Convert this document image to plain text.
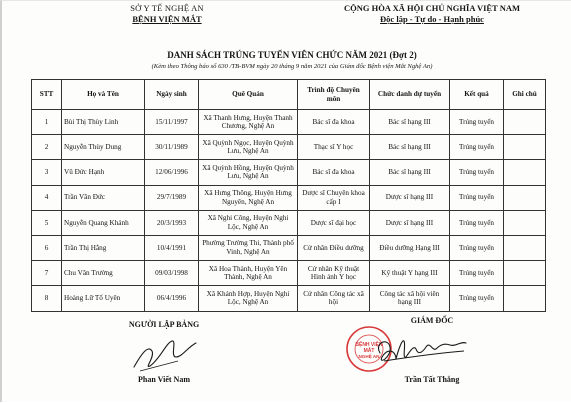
SỞ Y TẾ NGHỆ AN
BỆNH VIỆN MẮT
CỘNG HÒA XÃ HỘI CHỦ NGHĨA VIỆT NAM
Độc lập - Tự do - Hạnh phúc
DANH SÁCH TRÚNG TUYỂN VIÊN CHỨC NĂM 2021 (Đợt 2)
(Kèm theo Thông báo số 630 /TB-BVM ngày 20 tháng 9 năm 2021 của Giám đốc Bệnh viện Mắt Nghệ An)
STT	Họ và Tên	Ngày sinh	Quê Quán	Trình độ Chuyên môn	Chức danh dự tuyển	Kết quả	Ghi chú
1	Bùi Thị Thùy Linh	15/11/1997	Xã Thanh Hưng, Huyện Thanh Chương, Nghệ An	Bác sĩ đa khoa	Bác sĩ hạng III	Trúng tuyển	
2	Nguyễn Thùy Dung	30/11/1989	Xã Quỳnh Ngọc, Huyện Quỳnh Lưu, Nghệ An	Thạc sĩ Y học	Bác sĩ hạng III	Trúng tuyển	
3	Vũ Đức Hạnh	12/06/1996	Xã Quỳnh Hồng, Huyện Quỳnh Lưu, Nghệ An	Bác sĩ đa khoa	Bác sĩ hạng III	Trúng tuyển	
4	Trần Văn Đức	29/7/1989	Xã Hưng Thông, Huyện Hưng Nguyên, Nghệ An	Dược sĩ Chuyên khoa cấp I	Dược sĩ hạng III	Trúng tuyển	
5	Nguyễn Quang Khánh	20/3/1993	Xã Nghi Công, Huyện Nghi Lộc, Nghệ An	Dược sĩ đại học	Dược sĩ hạng III	Trúng tuyển	
6	Trần Thị Hằng	10/4/1991	Phường Trường Thi, Thành phố Vinh, Nghệ An	Cử nhân Điều dưỡng	Điều dưỡng Hạng III	Trúng tuyển	
7	Chu Văn Trường	09/03/1998	Xã Hoa Thành, Huyện Yên Thành, Nghệ An	Cử nhân Kỹ thuật Hình ảnh Y học	Kỹ thuật Y hạng III	Trúng tuyển	
8	Hoàng Lữ Tố Uyên	06/4/1996	Xã Khánh Hợp, Huyện Nghi Lộc, Nghệ An	Cử nhân Công tác xã hội	Công tác xã hội viên hạng III	Trúng tuyển	
NGƯỜI LẬP BẢNG
Phan Viết Nam
GIÁM ĐỐC
BỆNH VIỆN
MẮT
NGHỆ AN
Trần Tất Thắng
